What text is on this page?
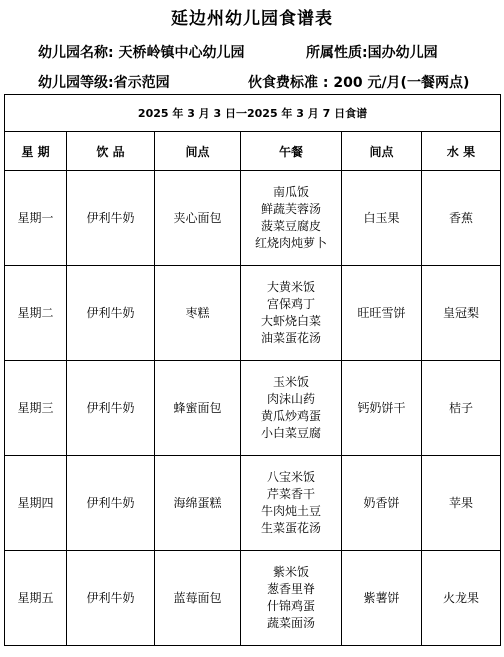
延边州幼儿园食谱表
幼儿园名称: 天桥岭镇中心幼儿园	所属性质:国办幼儿园
幼儿园等级:省示范园	伙食费标准 : 200 元/月(一餐两点)
2025 年 3 月 3 日一2025 年 3 月 7 日食谱					
星 期	饮 品	间点	午餐	间点	水 果
星期一	伊利牛奶	夹心面包	南瓜饭
鲜蔬芙蓉汤
菠菜豆腐皮
红烧肉炖萝卜	白玉果	香蕉
星期二	伊利牛奶	枣糕	大黄米饭
宫保鸡丁
大虾烧白菜
油菜蛋花汤	旺旺雪饼	皇冠梨
星期三	伊利牛奶	蜂蜜面包	玉米饭
肉沫山药
黄瓜炒鸡蛋
小白菜豆腐	钙奶饼干	桔子
星期四	伊利牛奶	海绵蛋糕	八宝米饭
芹菜香干
牛肉炖土豆
生菜蛋花汤	奶香饼	苹果
星期五	伊利牛奶	蓝莓面包	紫米饭
葱香里脊
什锦鸡蛋
蔬菜面汤	紫薯饼	火龙果
